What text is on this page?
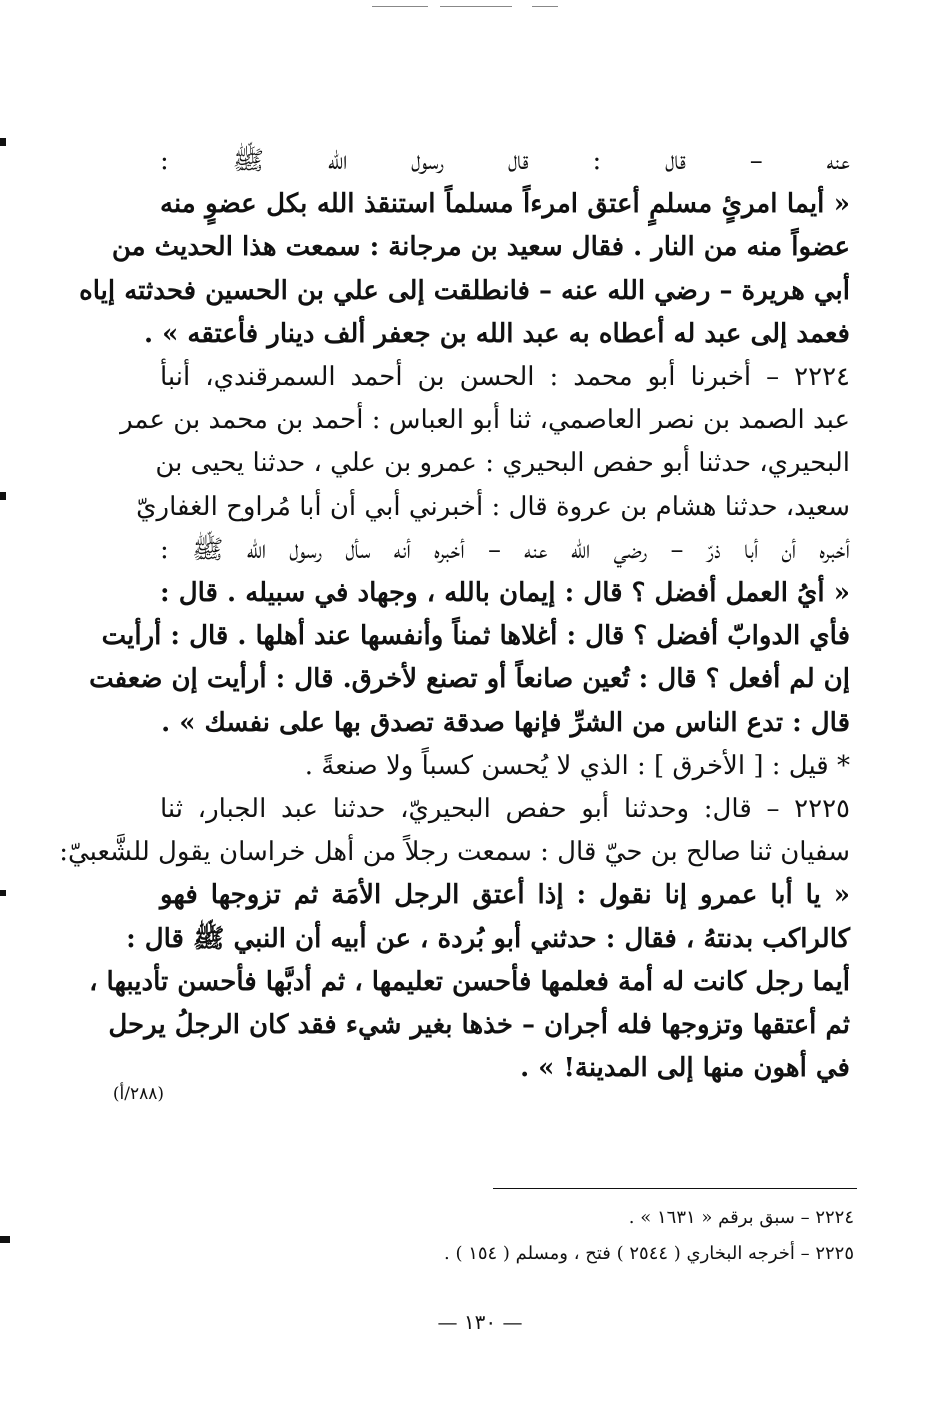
عنه – قال : قال رسول الله ﷺ :
« أيما امرئٍ مسلمٍ أعتق امرءاً مسلماً استنقذ الله بكل عضوٍ منه
عضواً منه من النار . فقال سعيد بن مرجانة : سمعت هذا الحديث من
أبي هريرة – رضي الله عنه – فانطلقت إلى علي بن الحسين فحدثته إياه
فعمد إلى عبد له أعطاه به عبد الله بن جعفر ألف دينار فأعتقه » .
٢٢٢٤ – أخبرنا أبو محمد : الحسن بن أحمد السمرقندي، أنبأ
عبد الصمد بن نصر العاصمي، ثنا أبو العباس : أحمد بن محمد بن عمر
البحيري، حدثنا أبو حفص البحيري : عمرو بن علي ، حدثنا يحيى بن
سعيد، حدثنا هشام بن عروة قال : أخبرني أبي أن أبا مُراوح الغفاريّ
أخبره أن أبا ذرّ – رضي الله عنه – أخبره أنه سأل رسول الله ﷺ :
« أيُ العمل أفضل ؟ قال : إيمان بالله ، وجهاد في سبيله . قال :
فأي الدوابّ أفضل ؟ قال : أغلاها ثمناً وأنفسها عند أهلها . قال : أرأيت
إن لم أفعل ؟ قال : تُعين صانعاً أو تصنع لأخرق. قال : أرأيت إن ضعفت
قال : تدع الناس من الشرِّ فإنها صدقة تصدق بها على نفسك » .
* قيل : [ الأخرق ] : الذي لا يُحسن كسباً ولا صنعةً .
٢٢٢٥ – قال: وحدثنا أبو حفص البحيريّ، حدثنا عبد الجبار، ثنا
سفيان ثنا صالح بن حيّ قال : سمعت رجلاً من أهل خراسان يقول للشَّعبيّ:
« يا أبا عمرو إنا نقول : إذا أعتق الرجل الأمَة ثم تزوجها فهو
كالراكب بدنتهُ ، فقال : حدثني أبو بُردة ، عن أبيه أن النبي ﷺ قال :
أيما رجل كانت له أمة فعلمها فأحسن تعليمها ، ثم أدبَّها فأحسن تأديبها ،
ثم أعتقها وتزوجها فله أجران – خذها بغير شيء فقد كان الرجلُ يرحل
في أهون منها إلى المدينة! » .
(٢٨٨/أ)
٢٢٢٤ – سبق برقم « ١٦٣١ » .
٢٢٢٥ – أخرجه البخاري ( ٢٥٤٤ ) فتح ، ومسلم ( ١٥٤ ) .
— ١٣٠ —
